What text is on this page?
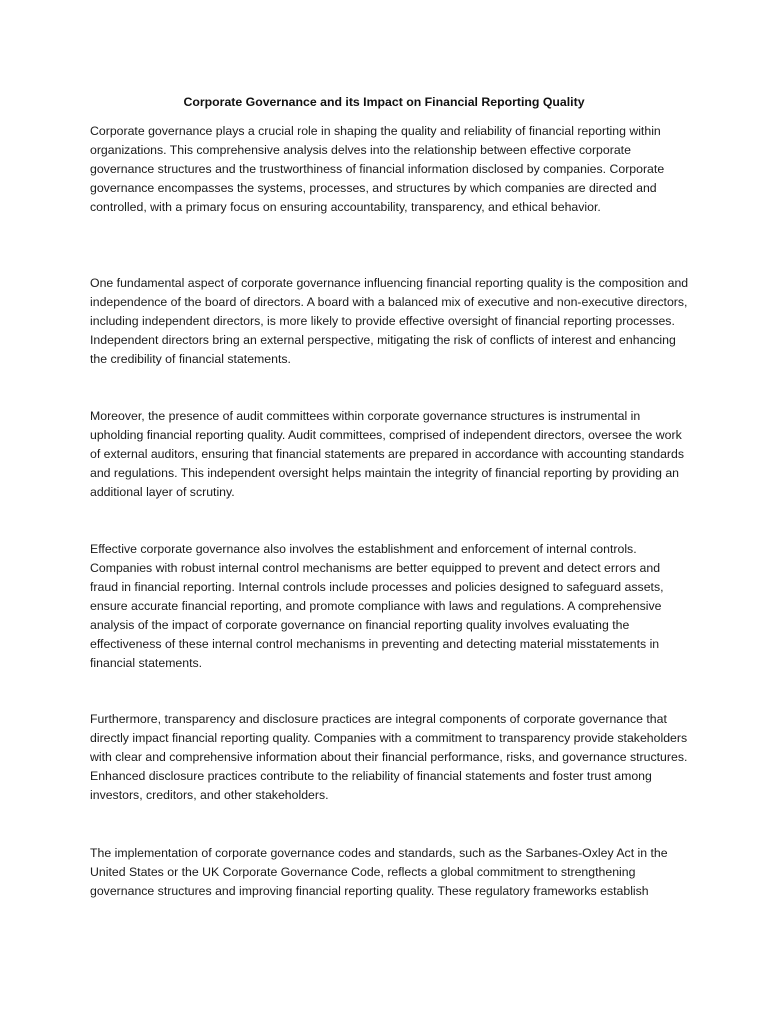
Corporate Governance and its Impact on Financial Reporting Quality

Corporate governance plays a crucial role in shaping the quality and reliability of financial reporting within organizations. This comprehensive analysis delves into the relationship between effective corporate governance structures and the trustworthiness of financial information disclosed by companies. Corporate governance encompasses the systems, processes, and structures by which companies are directed and controlled, with a primary focus on ensuring accountability, transparency, and ethical behavior.

One fundamental aspect of corporate governance influencing financial reporting quality is the composition and independence of the board of directors. A board with a balanced mix of executive and non-executive directors, including independent directors, is more likely to provide effective oversight of financial reporting processes. Independent directors bring an external perspective, mitigating the risk of conflicts of interest and enhancing the credibility of financial statements.

Moreover, the presence of audit committees within corporate governance structures is instrumental in upholding financial reporting quality. Audit committees, comprised of independent directors, oversee the work of external auditors, ensuring that financial statements are prepared in accordance with accounting standards and regulations. This independent oversight helps maintain the integrity of financial reporting by providing an additional layer of scrutiny.

Effective corporate governance also involves the establishment and enforcement of internal controls. Companies with robust internal control mechanisms are better equipped to prevent and detect errors and fraud in financial reporting. Internal controls include processes and policies designed to safeguard assets, ensure accurate financial reporting, and promote compliance with laws and regulations. A comprehensive analysis of the impact of corporate governance on financial reporting quality involves evaluating the effectiveness of these internal control mechanisms in preventing and detecting material misstatements in financial statements.

Furthermore, transparency and disclosure practices are integral components of corporate governance that directly impact financial reporting quality. Companies with a commitment to transparency provide stakeholders with clear and comprehensive information about their financial performance, risks, and governance structures. Enhanced disclosure practices contribute to the reliability of financial statements and foster trust among investors, creditors, and other stakeholders.

The implementation of corporate governance codes and standards, such as the Sarbanes-Oxley Act in the United States or the UK Corporate Governance Code, reflects a global commitment to strengthening governance structures and improving financial reporting quality. These regulatory frameworks establish
